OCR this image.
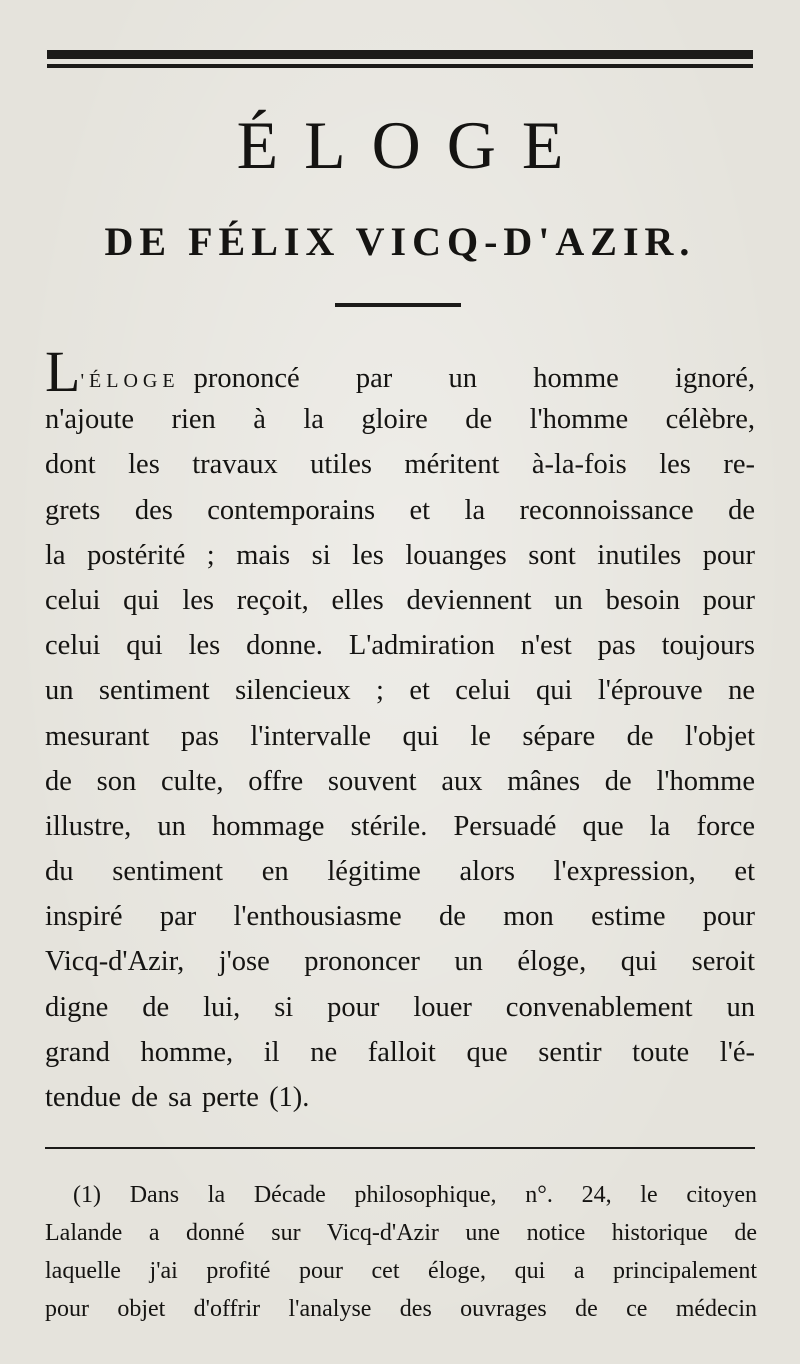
ÉLOGE
DE FÉLIX VICQ-D'AZIR.
L'ÉLOGE prononcé par un homme ignoré,
n'ajoute rien à la gloire de l'homme célèbre,
dont les travaux utiles méritent à-la-fois les re-
grets des contemporains et la reconnoissance de
la postérité ; mais si les louanges sont inutiles pour
celui qui les reçoit, elles deviennent un besoin pour
celui qui les donne. L'admiration n'est pas toujours
un sentiment silencieux ; et celui qui l'éprouve ne
mesurant pas l'intervalle qui le sépare de l'objet
de son culte, offre souvent aux mânes de l'homme
illustre, un hommage stérile. Persuadé que la force
du sentiment en légitime alors l'expression, et
inspiré par l'enthousiasme de mon estime pour
Vicq-d'Azir, j'ose prononcer un éloge, qui seroit
digne de lui, si pour louer convenablement un
grand homme, il ne falloit que sentir toute l'é-
tendue de sa perte (1).
(1) Dans la Décade philosophique, n°. 24, le citoyen
Lalande a donné sur Vicq-d'Azir une notice historique de
laquelle j'ai profité pour cet éloge, qui a principalement
pour objet d'offrir l'analyse des ouvrages de ce médecin
